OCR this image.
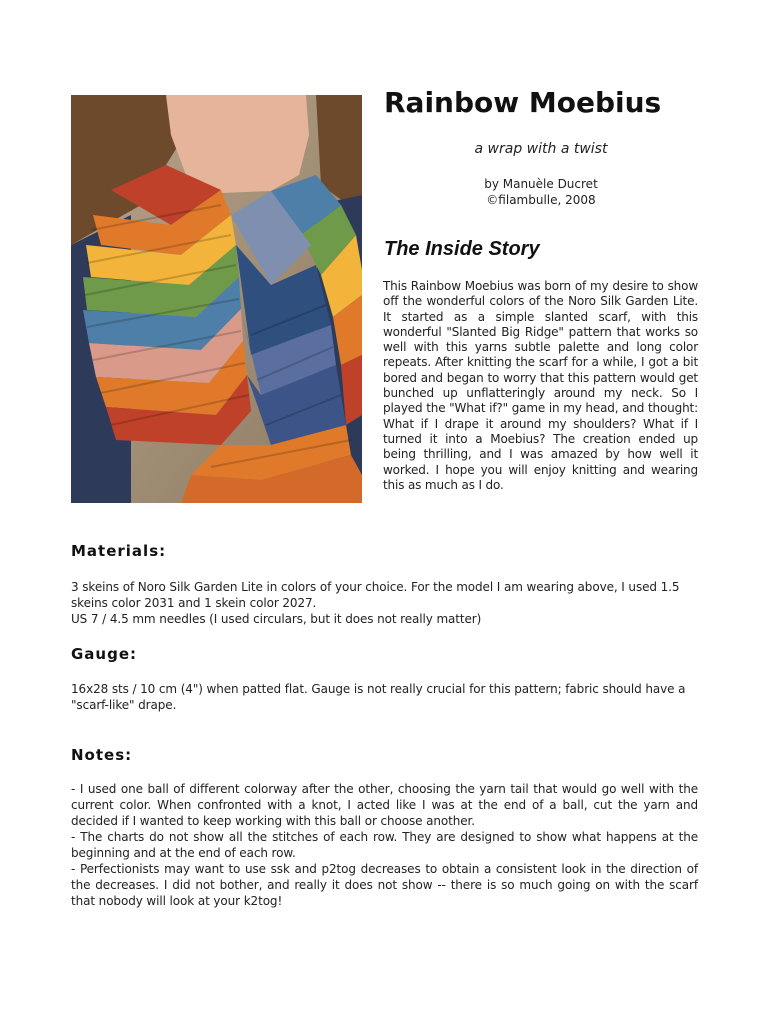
Rainbow Moebius
a wrap with a twist
by Manuèle Ducret
©filambulle, 2008
The Inside Story

This Rainbow Moebius was born of my desire to show off the wonderful colors of the Noro Silk Garden Lite. It started as a simple slanted scarf, with this wonderful "Slanted Big Ridge" pattern that works so well with this yarns subtle palette and long color repeats. After knitting the scarf for a while, I got a bit bored and began to worry that this pattern would get bunched up unflatteringly around my neck. So I played the "What if?" game in my head, and thought: What if I drape it around my shoulders? What if I turned it into a Moebius? The creation ended up being thrilling, and I was amazed by how well it worked. I hope you will enjoy knitting and wearing this as much as I do.

Materials:
3 skeins of Noro Silk Garden Lite in colors of your choice. For the model I am wearing above, I used 1.5 skeins color 2031 and 1 skein color 2027.
US 7 / 4.5 mm needles (I used circulars, but it does not really matter)
Gauge:
16x28 sts / 10 cm (4") when patted flat. Gauge is not really crucial for this pattern; fabric should have a "scarf-like" drape.
Notes:
- I used one ball of different colorway after the other, choosing the yarn tail that would go well with the current color. When confronted with a knot, I acted like I was at the end of a ball, cut the yarn and decided if I wanted to keep working with this ball or choose another.
- The charts do not show all the stitches of each row. They are designed to show what happens at the beginning and at the end of each row.
- Perfectionists may want to use ssk and p2tog decreases to obtain a consistent look in the direction of the decreases. I did not bother, and really it does not show -- there is so much going on with the scarf that nobody will look at your k2tog!
